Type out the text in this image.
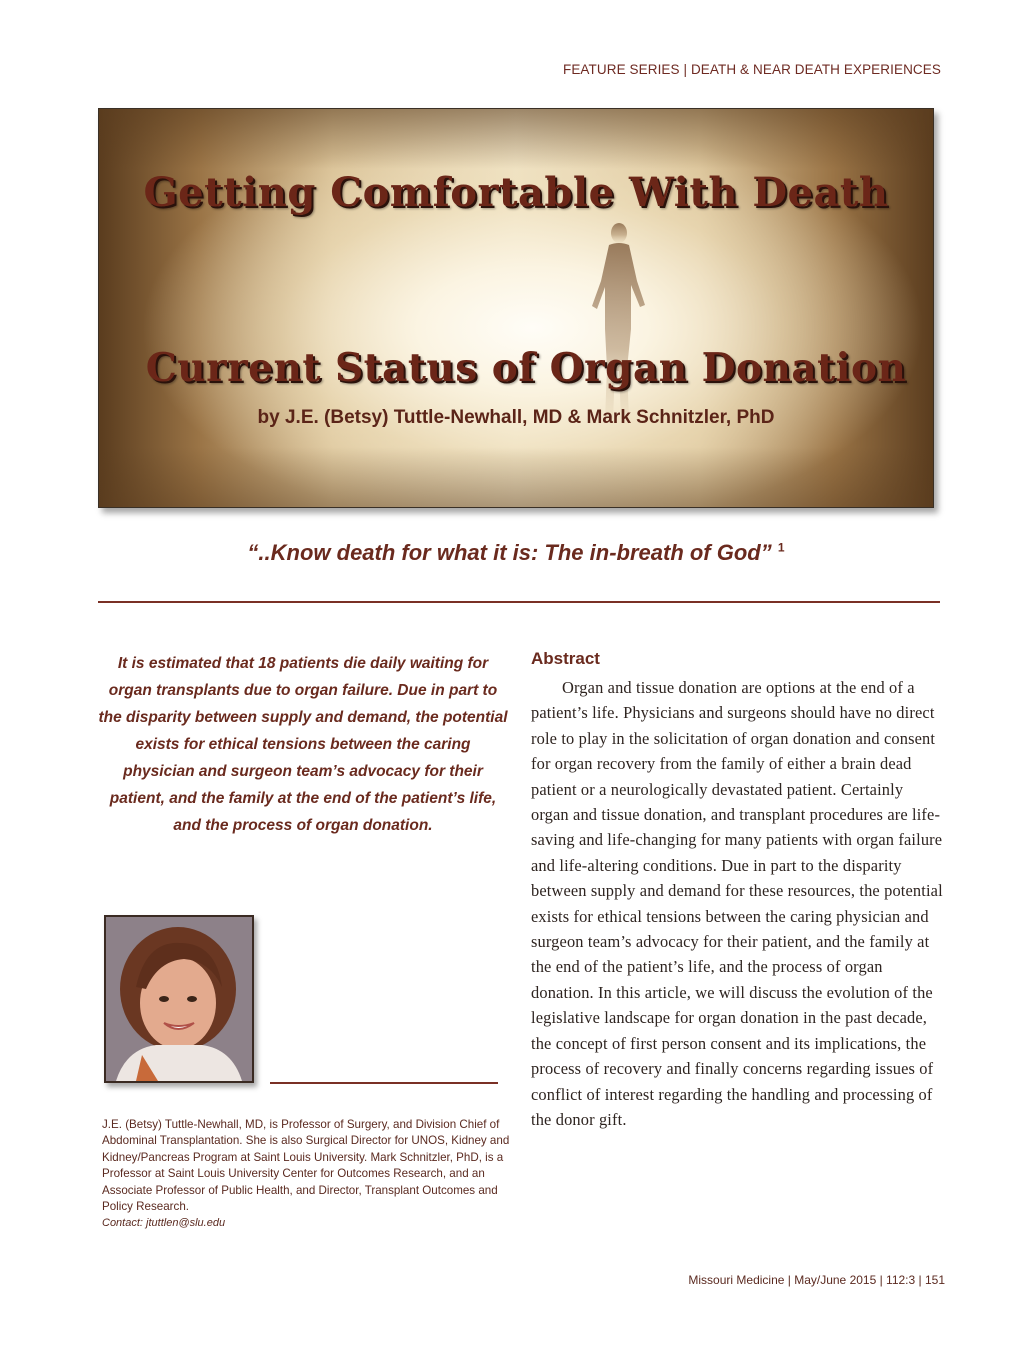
FEATURE SERIES | DEATH & NEAR DEATH EXPERIENCES
Getting Comfortable With Death
Current Status of Organ Donation
by J.E. (Betsy) Tuttle-Newhall, MD & Mark Schnitzler, PhD
“..Know death for what it is: The in-breath of God” $^1$
It is estimated that 18 patients die daily waiting for organ transplants due to organ failure. Due in part to the disparity between supply and demand, the potential exists for ethical tensions between the caring physician and surgeon team’s advocacy for their patient, and the family at the end of the patient’s life, and the process of organ donation.
J.E. (Betsy) Tuttle-Newhall, MD, is Professor of Surgery, and Division Chief of Abdominal Transplantation. She is also Surgical Director for UNOS, Kidney and Kidney/Pancreas Program at Saint Louis University. Mark Schnitzler, PhD, is a Professor at Saint Louis University Center for Outcomes Research, and an Associate Professor of Public Health, and Director, Transplant Outcomes and Policy Research.
Contact: jtuttlen@slu.edu
Abstract
Organ and tissue donation are options at the end of a patient’s life. Physicians and surgeons should have no direct role to play in the solicitation of organ donation and consent for organ recovery from the family of either a brain dead patient or a neurologically devastated patient. Certainly organ and tissue donation, and transplant procedures are life-saving and life-changing for many patients with organ failure and life-altering conditions. Due in part to the disparity between supply and demand for these resources, the potential exists for ethical tensions between the caring physician and surgeon team’s advocacy for their patient, and the family at the end of the patient’s life, and the process of organ donation. In this article, we will discuss the evolution of the legislative landscape for organ donation in the past decade, the concept of first person consent and its implications, the process of recovery and finally concerns regarding issues of conflict of interest regarding the handling and processing of the donor gift.
Missouri Medicine | May/June 2015 | 112:3 | 151
